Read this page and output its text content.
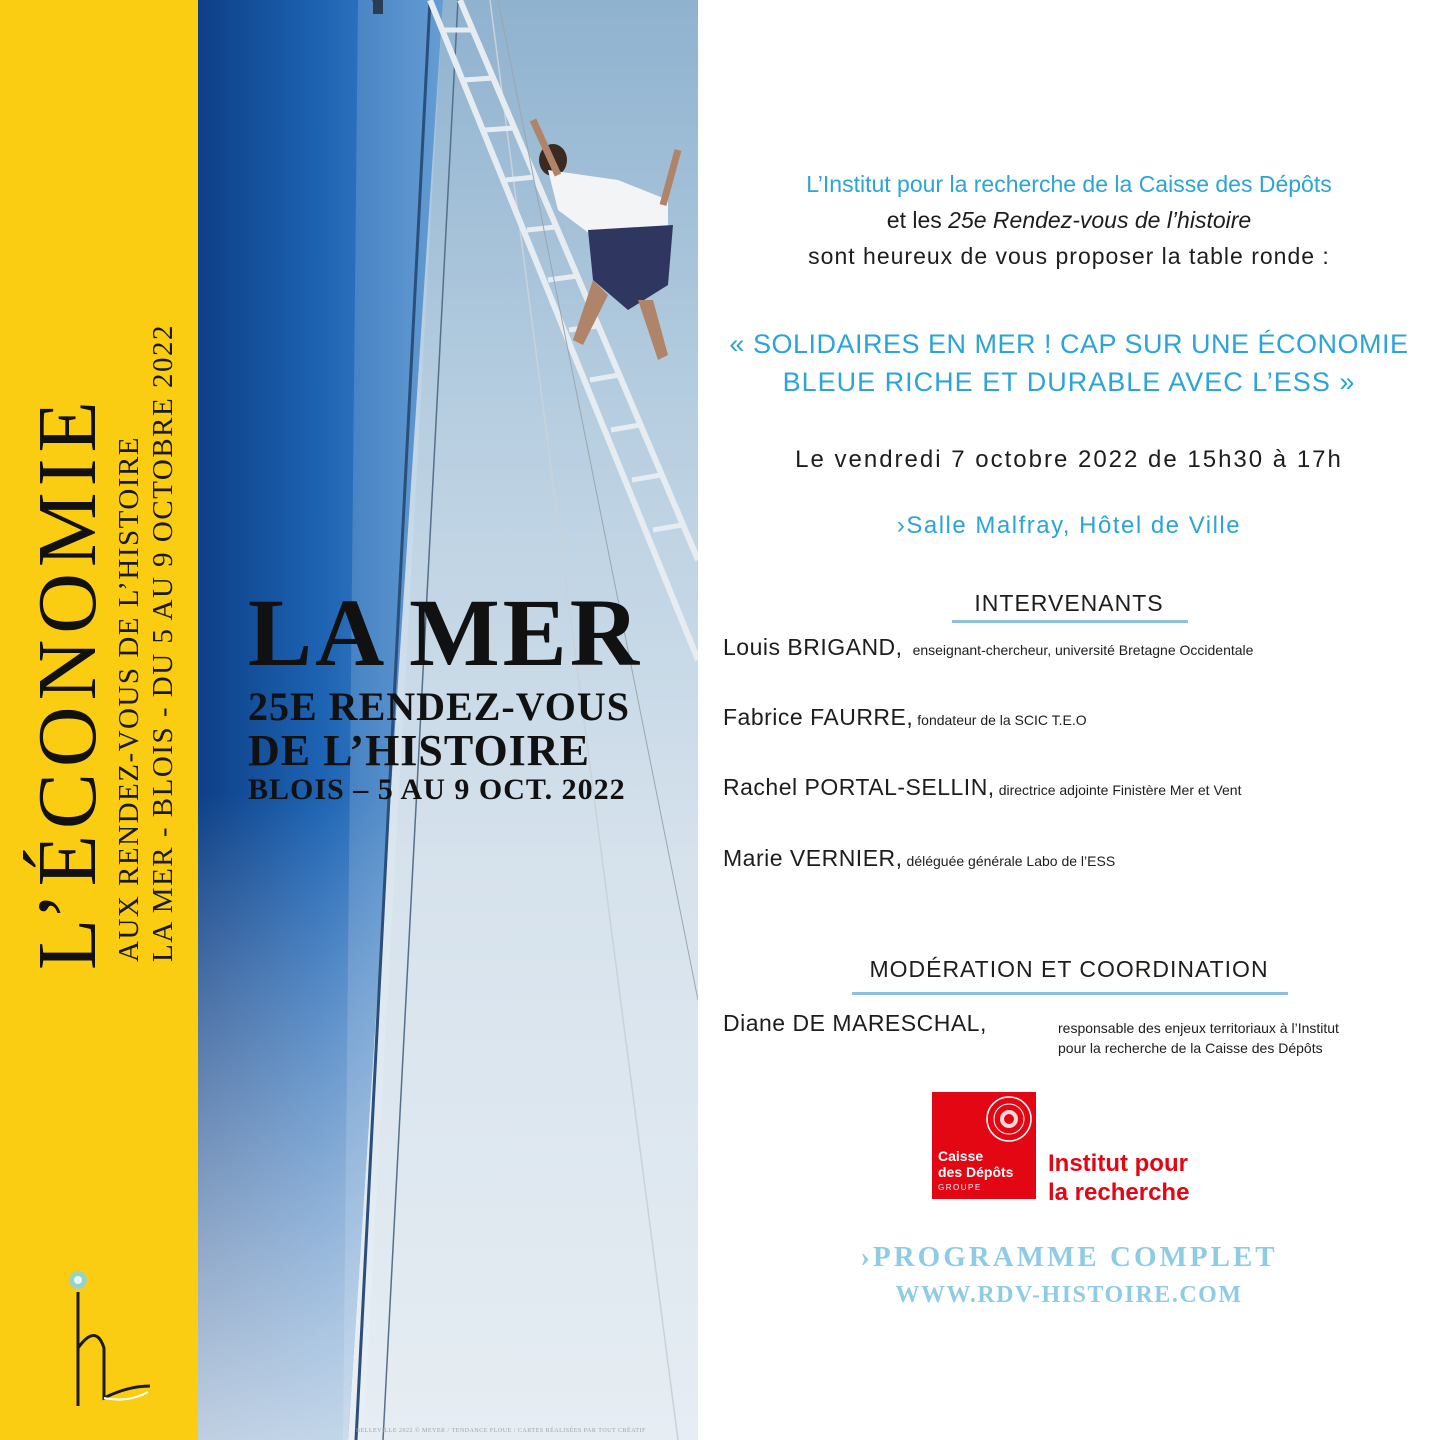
L’ÉCONOMIE AUX RENDEZ-VOUS DE L’HISTOIRE LA MER - BLOIS - DU 5 AU 9 OCTOBRE 2022 LA MER
25E RENDEZ-VOUS
DE L’HISTOIRE
BLOIS – 5 AU 9 OCT. 2022
BELLEVILLE 2022 © MEYER / TENDANCE FLOUE / CARTES RÉALISÉES PAR TOUT CRÉATIF
L’Institut pour la recherche de la Caisse des Dépôts
et les 25e Rendez-vous de l’histoire
sont heureux de vous proposer la table ronde :
« SOLIDAIRES EN MER ! CAP SUR UNE ÉCONOMIE
BLEUE RICHE ET DURABLE AVEC L’ESS »
Le vendredi 7 octobre 2022 de 15h30 à 17h
›Salle Malfray, Hôtel de Ville
INTERVENANTS
Louis BRIGAND, enseignant-chercheur, université Bretagne Occidentale
Fabrice FAURRE, fondateur de la SCIC T.E.O
Rachel PORTAL-SELLIN, directrice adjointe Finistère Mer et Vent
Marie VERNIER, déléguée générale Labo de l’ESS
MODÉRATION ET COORDINATION
Diane DE MARESCHAL,	responsable des enjeux territoriaux à l’Institut
pour la recherche de la Caisse des Dépôts
Caisse
des Dépôts
GROUPE
Institut pour
la recherche
›PROGRAMME COMPLET
WWW.RDV-HISTOIRE.COM
